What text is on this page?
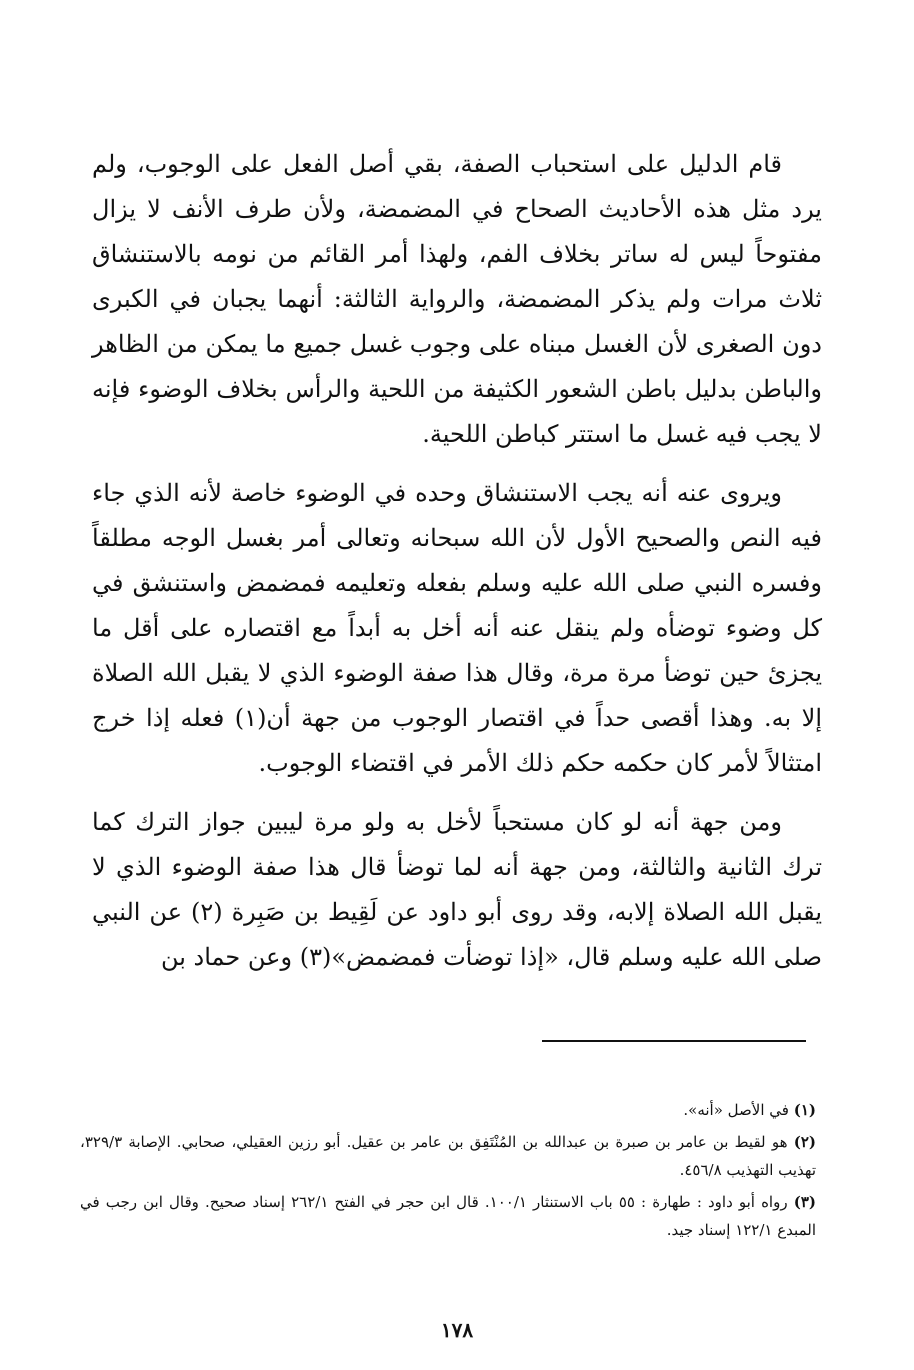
قام الدليل على استحباب الصفة، بقي أصل الفعل على الوجوب، ولم يرد مثل هذه الأحاديث الصحاح في المضمضة، ولأن طرف الأنف لا يزال مفتوحاً ليس له ساتر بخلاف الفم، ولهذا أمر القائم من نومه بالاستنشاق ثلاث مرات ولم يذكر المضمضة، والرواية الثالثة: أنهما يجبان في الكبرى دون الصغرى لأن الغسل مبناه على وجوب غسل جميع ما يمكن من الظاهر والباطن بدليل باطن الشعور الكثيفة من اللحية والرأس بخلاف الوضوء فإنه لا يجب فيه غسل ما استتر كباطن اللحية.

ويروى عنه أنه يجب الاستنشاق وحده في الوضوء خاصة لأنه الذي جاء فيه النص والصحيح الأول لأن الله سبحانه وتعالى أمر بغسل الوجه مطلقاً وفسره النبي صلى الله عليه وسلم بفعله وتعليمه فمضمض واستنشق في كل وضوء توضأه ولم ينقل عنه أنه أخل به أبداً مع اقتصاره على أقل ما يجزئ حين توضأ مرة مرة، وقال هذا صفة الوضوء الذي لا يقبل الله الصلاة إلا به. وهذا أقصى حداً في اقتصار الوجوب من جهة أن(١) فعله إذا خرج امتثالاً لأمر كان حكمه حكم ذلك الأمر في اقتضاء الوجوب.

ومن جهة أنه لو كان مستحباً لأخل به ولو مرة ليبين جواز الترك كما ترك الثانية والثالثة، ومن جهة أنه لما توضأ قال هذا صفة الوضوء الذي لا يقبل الله الصلاة إلابه، وقد روى أبو داود عن لَقِيط بن صَبِرة (٢) عن النبي صلى الله عليه وسلم قال، «إذا توضأت فمضمض»(٣) وعن حماد بن

(١) في الأصل «أنه».
(٢) هو لقيط بن عامر بن صبرة بن عبدالله بن المُنْتَفِق بن عامر بن عقيل. أبو رزين العقيلي، صحابي. الإصابة ٣٢٩/٣، تهذيب التهذيب ٤٥٦/٨.
(٣) رواه أبو داود : طهارة : ٥٥ باب الاستنثار ١٠٠/١. قال ابن حجر في الفتح ٢٦٢/١ إسناد صحيح. وقال ابن رجب في المبدع ١٢٢/١ إسناد جيد.
١٧٨
